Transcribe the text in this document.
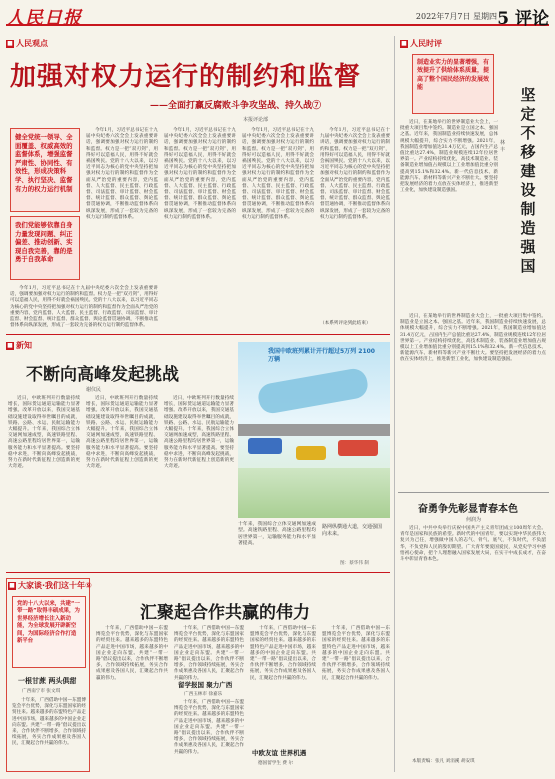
人民日报	2022年7月7日 星期四 5 评论
■ 人民观点
加强对权力运行的制约和监督
——全面打赢反腐败斗争攻坚战、持久战⑦
本报评论部
健全党统一领导、全面覆盖、权威高效的监督体系，增强监督严肃性、协同性、有效性，形成决策科学、执行坚决、监督有力的权力运行机制
我们党能够依靠自身力量发现问题、纠正偏差、推动创新、实现自我完善，靠的是勇于自我革命

今年1月，习近平总书记在十九届中央纪委六次全会上发表重要讲话，强调要加强对权力运行的制约和监督。权力是一把“双刃剑”，用得好可以造福人民，用得不好就会祸国殃民。党的十八大以来，以习近平同志为核心的党中央坚持把加强对权力运行的制约和监督作为全面从严治党的重要内容，党内监督、人大监督、民主监督、行政监督、司法监督、审计监督、财会监督、统计监督、群众监督、舆论监督贯通协调，不断推动监督体系向纵深发展，形成了一套较为完备的权力运行制约监督体系。

今年1月，习近平总书记在十九届中央纪委六次全会上发表重要讲话，强调要加强对权力运行的制约和监督。权力是一把“双刃剑”，用得好可以造福人民，用得不好就会祸国殃民。党的十八大以来，以习近平同志为核心的党中央坚持把加强对权力运行的制约和监督作为全面从严治党的重要内容，党内监督、人大监督、民主监督、行政监督、司法监督、审计监督、财会监督、统计监督、群众监督、舆论监督贯通协调，不断推动监督体系向纵深发展，形成了一套较为完备的权力运行制约监督体系。

今年1月，习近平总书记在十九届中央纪委六次全会上发表重要讲话，强调要加强对权力运行的制约和监督。权力是一把“双刃剑”，用得好可以造福人民，用得不好就会祸国殃民。党的十八大以来，以习近平同志为核心的党中央坚持把加强对权力运行的制约和监督作为全面从严治党的重要内容，党内监督、人大监督、民主监督、行政监督、司法监督、审计监督、财会监督、统计监督、群众监督、舆论监督贯通协调，不断推动监督体系向纵深发展，形成了一套较为完备的权力运行制约监督体系。

今年1月，习近平总书记在十九届中央纪委六次全会上发表重要讲话，强调要加强对权力运行的制约和监督。权力是一把“双刃剑”，用得好可以造福人民，用得不好就会祸国殃民。党的十八大以来，以习近平同志为核心的党中央坚持把加强对权力运行的制约和监督作为全面从严治党的重要内容，党内监督、人大监督、民主监督、行政监督、司法监督、审计监督、财会监督、统计监督、群众监督、舆论监督贯通协调，不断推动监督体系向纵深发展，形成了一套较为完备的权力运行制约监督体系。

今年1月，习近平总书记在十九届中央纪委六次全会上发表重要讲话，强调要加强对权力运行的制约和监督。权力是一把“双刃剑”，用得好可以造福人民，用得不好就会祸国殃民。党的十八大以来，以习近平同志为核心的党中央坚持把加强对权力运行的制约和监督作为全面从严治党的重要内容，党内监督、人大监督、民主监督、行政监督、司法监督、审计监督、财会监督、统计监督、群众监督、舆论监督贯通协调，不断推动监督体系向纵深发展，形成了一套较为完备的权力运行制约监督体系。	（本系列评论到此结束）
■ 新知
不断向高峰发起挑战
谢仪民

近日，中欧班列开行数量持续增长，国际货运通道运输能力显著增强。改革开放以来，我国交通基础设施建设取得举世瞩目的成就，铁路、公路、水运、民航运输能力大幅提升。十年来，我国综合立体交通网加速成型，高速铁路里程、高速公路里程均居世界第一，运输服务能力和水平显著提高。要坚持稳中求进，不断向高峰发起挑战，努力在新时代新征程上创造新的更大奇迹。

近日，中欧班列开行数量持续增长，国际货运通道运输能力显著增强。改革开放以来，我国交通基础设施建设取得举世瞩目的成就，铁路、公路、水运、民航运输能力大幅提升。十年来，我国综合立体交通网加速成型，高速铁路里程、高速公路里程均居世界第一，运输服务能力和水平显著提高。要坚持稳中求进，不断向高峰发起挑战，努力在新时代新征程上创造新的更大奇迹。

近日，中欧班列开行数量持续增长，国际货运通道运输能力显著增强。改革开放以来，我国交通基础设施建设取得举世瞩目的成就，铁路、公路、水运、民航运输能力大幅提升。十年来，我国综合立体交通网加速成型，高速铁路里程、高速公路里程均居世界第一，运输服务能力和水平显著提高。要坚持稳中求进，不断向高峰发起挑战，努力在新时代新征程上创造新的更大奇迹。

我国中欧班列累计开行超过5万列 2100万辆
十年来，我国综合立体交通网加速成型。高速铁路里程、高速公路里程均居世界第一，运输服务能力和水平显著提高。
路网纵横通大道，交通强国向未来。
图：蔡华伟 制
■ 大家谈·我们这十年⑨
党的十八大以来，共建“一带一路”取得丰硕成果，为世界经济增长注入新动能，为全球发展开辟新空间，为国际经济合作打造新平台
一根甘蔗 两头俱甜
广西南宁市 张文琪

十年来，广西借助中国—东盟博览会平台优势，深化与东盟国家的经贸往来。越来越多的东盟特色产品走进中国市场，越来越多的中国企业走向东盟。共建“一带一路”倡议提出以来，合作伙伴不断增多，合作领域持续拓展，务实合作成果惠及各国人民，汇聚起合作共赢的伟力。

汇聚起合作共赢的伟力

十年来，广西借助中国—东盟博览会平台优势，深化与东盟国家的经贸往来。越来越多的东盟特色产品走进中国市场，越来越多的中国企业走向东盟。共建“一带一路”倡议提出以来，合作伙伴不断增多，合作领域持续拓展，务实合作成果惠及各国人民，汇聚起合作共赢的伟力。

十年来，广西借助中国—东盟博览会平台优势，深化与东盟国家的经贸往来。越来越多的东盟特色产品走进中国市场，越来越多的中国企业走向东盟。共建“一带一路”倡议提出以来，合作伙伴不断增多，合作领域持续拓展，务实合作成果惠及各国人民，汇聚起合作共赢的伟力。

留学报国 聚力广西
广西玉林市 徐嘉乐

十年来，广西借助中国—东盟博览会平台优势，深化与东盟国家的经贸往来。越来越多的东盟特色产品走进中国市场，越来越多的中国企业走向东盟。共建“一带一路”倡议提出以来，合作伙伴不断增多，合作领域持续拓展，务实合作成果惠及各国人民，汇聚起合作共赢的伟力。

十年来，广西借助中国—东盟博览会平台优势，深化与东盟国家的经贸往来。越来越多的东盟特色产品走进中国市场，越来越多的中国企业走向东盟。共建“一带一路”倡议提出以来，合作伙伴不断增多，合作领域持续拓展，务实合作成果惠及各国人民，汇聚起合作共赢的伟力。

中欧友谊 世界机遇
德国留学生 费 尔

十年来，广西借助中国—东盟博览会平台优势，深化与东盟国家的经贸往来。越来越多的东盟特色产品走进中国市场，越来越多的中国企业走向东盟。共建“一带一路”倡议提出以来，合作伙伴不断增多，合作领域持续拓展，务实合作成果惠及各国人民，汇聚起合作共赢的伟力。

■ 人民时评
制造业实力的显著增强，有效提升了供给体系质量，提高了整个国民经济的发展效能	坚定不移建设制造强国
林 丰

近日，在某地举行的世界制造业大会上，一批重大项目集中签约。制造业是立国之本、强国之基。近年来，我国制造业持续快速发展，总体规模大幅提升，综合实力不断增强。2021年，我国制造业增加值达31.4万亿元，占国内生产总值比重达27.4%，制造业规模连续12年位居世界第一。产业结构持续优化，高技术制造业、装备制造业增加值占规模以上工业增加值比重分别提高到15.1%和32.4%。新一代信息技术、新能源汽车、新材料等新兴产业不断壮大。要坚持把发展经济的着力点放在实体经济上，推进新型工业化，加快建设制造强国。

近日，在某地举行的世界制造业大会上，一批重大项目集中签约。制造业是立国之本、强国之基。近年来，我国制造业持续快速发展，总体规模大幅提升，综合实力不断增强。2021年，我国制造业增加值达31.4万亿元，占国内生产总值比重达27.4%，制造业规模连续12年位居世界第一。产业结构持续优化，高技术制造业、装备制造业增加值占规模以上工业增加值比重分别提高到15.1%和32.4%。新一代信息技术、新能源汽车、新材料等新兴产业不断壮大。要坚持把发展经济的着力点放在实体经济上，推进新型工业化，加快建设制造强国。

奋勇争先彰显青春本色
何润为

近日，中共中央举行庆祝中国共产主义青年团成立100周年大会。青年是国家和民族的希望。新时代的中国青年，要以实现中华民族伟大复兴为己任，增强做中国人的志气、骨气、底气，不负时代，不负韶华，不负党和人民的殷切期望。广大青年要爱国爱民，从党史学习中感悟初心使命，把个人理想融入国家发展大局，在实干中成长成才，在奋斗中彰显青春本色。

本版责编：张凡 刘涓溪 胡安琪
